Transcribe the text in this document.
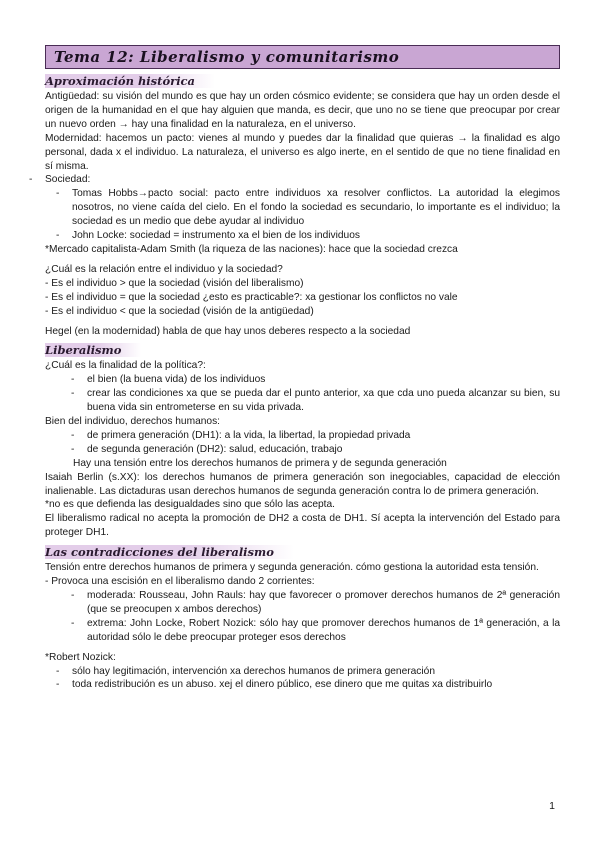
Tema 12: Liberalismo y comunitarismo
Aproximación histórica

Antigüedad: su visión del mundo es que hay un orden cósmico evidente; se considera que hay un orden desde el origen de la humanidad en el que hay alguien que manda, es decir, que uno no se tiene que preocupar por crear un nuevo orden → hay una finalidad en la naturaleza, en el universo.

Modernidad: hacemos un pacto: vienes al mundo y puedes dar la finalidad que quieras → la finalidad es algo personal, dada x el individuo. La naturaleza, el universo es algo inerte, en el sentido de que no tiene finalidad en sí misma.

- Sociedad:
- Tomas Hobbs→pacto social: pacto entre individuos xa resolver conflictos. La autoridad la elegimos nosotros, no viene caída del cielo. En el fondo la sociedad es secundario, lo importante es el individuo; la sociedad es un medio que debe ayudar al individuo
- John Locke: sociedad = instrumento xa el bien de los individuos

*Mercado capitalista-Adam Smith (la riqueza de las naciones): hace que la sociedad crezca

¿Cuál es la relación entre el individuo y la sociedad?

- Es el individuo > que la sociedad (visión del liberalismo)

- Es el individuo = que la sociedad ¿esto es practicable?: xa gestionar los conflictos no vale

- Es el individuo < que la sociedad (visión de la antigüedad)

Hegel (en la modernidad) habla de que hay unos deberes respecto a la sociedad

Liberalismo

¿Cuál es la finalidad de la política?:

- el bien (la buena vida) de los individuos
- crear las condiciones xa que se pueda dar el punto anterior, xa que cda uno pueda alcanzar su bien, su buena vida sin entrometerse en su vida privada.

Bien del individuo, derechos humanos:

- de primera generación (DH1): a la vida, la libertad, la propiedad privada
- de segunda generación (DH2): salud, educación, trabajo

Hay una tensión entre los derechos humanos de primera y de segunda generación

Isaiah Berlin (s.XX): los derechos humanos de primera generación son inegociables, capacidad de elección inalienable. Las dictaduras usan derechos humanos de segunda generación contra lo de primera generación.

*no es que defienda las desigualdades sino que sólo las acepta.

El liberalismo radical no acepta la promoción de DH2 a costa de DH1. Sí acepta la intervención del Estado para proteger DH1.

Las contradicciones del liberalismo

Tensión entre derechos humanos de primera y segunda generación. cómo gestiona la autoridad esta tensión.

- Provoca una escisión en el liberalismo dando 2 corrientes:

- moderada: Rousseau, John Rauls: hay que favorecer o promover derechos humanos de 2ª generación (que se preocupen x ambos derechos)
- extrema: John Locke, Robert Nozick: sólo hay que promover derechos humanos de 1ª generación, a la autoridad sólo le debe preocupar proteger esos derechos

*Robert Nozick:

- sólo hay legitimación, intervención xa derechos humanos de primera generación
- toda redistribución es un abuso. xej el dinero público, ese dinero que me quitas xa distribuirlo
1
